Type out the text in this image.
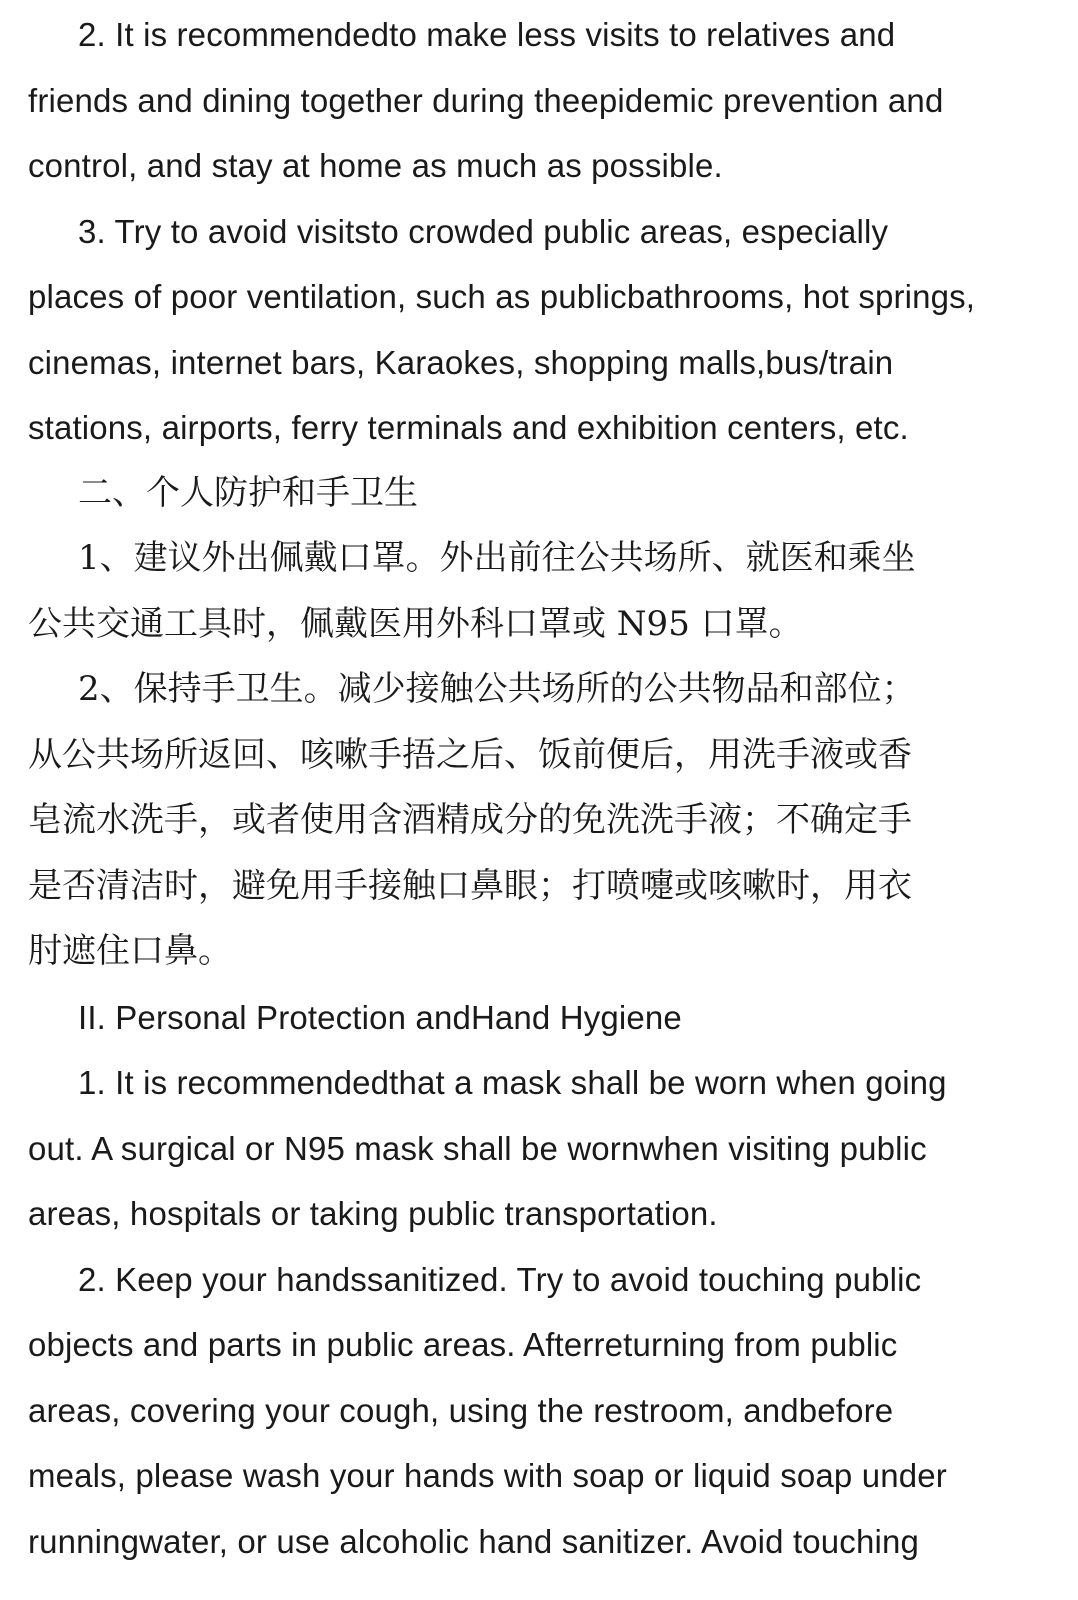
2. It is recommendedto make less visits to relatives and
friends and dining together during theepidemic prevention and
control, and stay at home as much as possible.
3. Try to avoid visitsto crowded public areas, especially
places of poor ventilation, such as publicbathrooms, hot springs,
cinemas, internet bars, Karaokes, shopping malls,bus/train
stations, airports, ferry terminals and exhibition centers, etc.
二、个人防护和手卫生
1、建议外出佩戴口罩。外出前往公共场所、就医和乘坐
公共交通工具时，佩戴医用外科口罩或 N95 口罩。
2、保持手卫生。减少接触公共场所的公共物品和部位；
从公共场所返回、咳嗽手捂之后、饭前便后，用洗手液或香
皂流水洗手，或者使用含酒精成分的免洗洗手液；不确定手
是否清洁时，避免用手接触口鼻眼；打喷嚏或咳嗽时，用衣
肘遮住口鼻。
II. Personal Protection andHand Hygiene
1. It is recommendedthat a mask shall be worn when going
out. A surgical or N95 mask shall be wornwhen visiting public
areas, hospitals or taking public transportation.
2. Keep your handssanitized. Try to avoid touching public
objects and parts in public areas. Afterreturning from public
areas, covering your cough, using the restroom, andbefore
meals, please wash your hands with soap or liquid soap under
runningwater, or use alcoholic hand sanitizer. Avoid touching
